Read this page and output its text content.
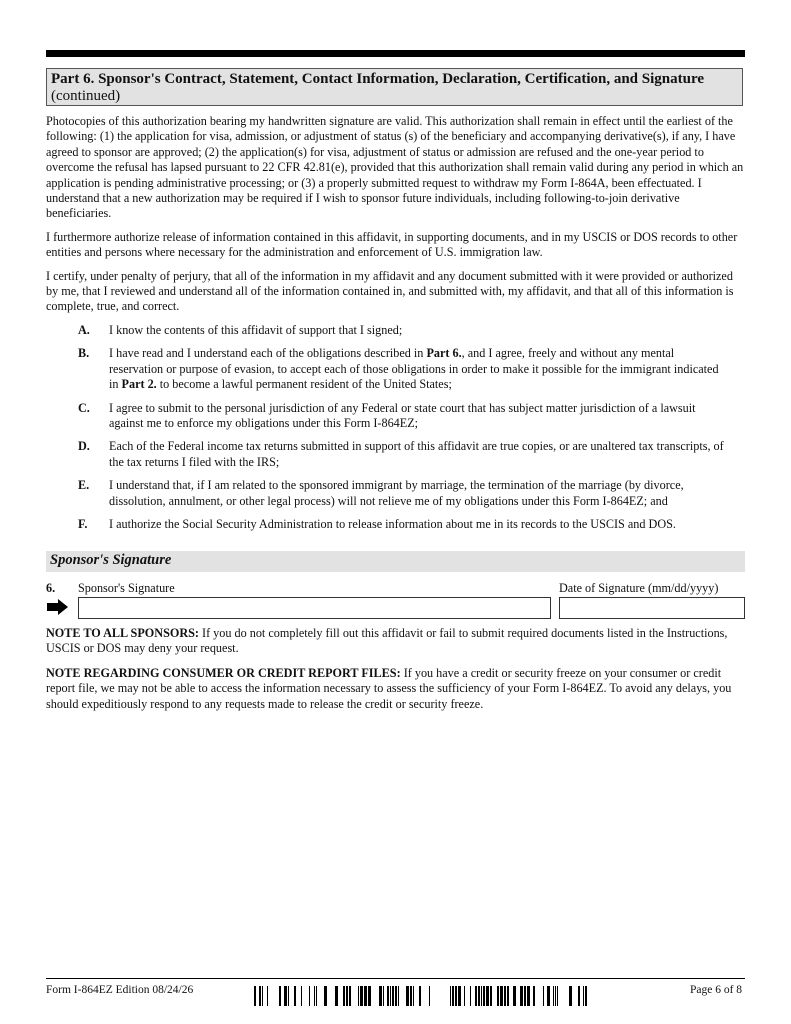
Part 6. Sponsor's Contract, Statement, Contact Information, Declaration, Certification, and Signature
(continued)

Photocopies of this authorization bearing my handwritten signature are valid. This authorization shall remain in effect until the earliest of the following: (1) the application for visa, admission, or adjustment of status (s) of the beneficiary and accompanying derivative(s), if any, I have agreed to sponsor are approved; (2) the application(s) for visa, adjustment of status or admission are refused and the one-year period to overcome the refusal has lapsed pursuant to 22 CFR 42.81(e), provided that this authorization shall remain valid during any period in which an application is pending administrative processing; or (3) a properly submitted request to withdraw my Form I-864A, been effectuated. I understand that a new authorization may be required if I wish to sponsor future individuals, including following-to-join derivative beneficiaries.

I furthermore authorize release of information contained in this affidavit, in supporting documents, and in my USCIS or DOS records to other entities and persons where necessary for the administration and enforcement of U.S. immigration law.

I certify, under penalty of perjury, that all of the information in my affidavit and any document submitted with it were provided or authorized by me, that I reviewed and understand all of the information contained in, and submitted with, my affidavit, and that all of this information is complete, true, and correct.

A.	I know the contents of this affidavit of support that I signed;
B.	I have read and I understand each of the obligations described in Part 6., and I agree, freely and without any mental reservation or purpose of evasion, to accept each of those obligations in order to make it possible for the immigrant indicated in Part 2. to become a lawful permanent resident of the United States;
C.	I agree to submit to the personal jurisdiction of any Federal or state court that has subject matter jurisdiction of a lawsuit against me to enforce my obligations under this Form I-864EZ;
D.	Each of the Federal income tax returns submitted in support of this affidavit are true copies, or are unaltered tax transcripts, of the tax returns I filed with the IRS;
E.	I understand that, if I am related to the sponsored immigrant by marriage, the termination of the marriage (by divorce, dissolution, annulment, or other legal process) will not relieve me of my obligations under this Form I-864EZ; and
F.	I authorize the Social Security Administration to release information about me in its records to the USCIS and DOS.
Sponsor's Signature
6. Sponsor's Signature	Date of Signature (mm/dd/yyyy)

NOTE TO ALL SPONSORS: If you do not completely fill out this affidavit or fail to submit required documents listed in the Instructions, USCIS or DOS may deny your request.

NOTE REGARDING CONSUMER OR CREDIT REPORT FILES: If you have a credit or security freeze on your consumer or credit report file, we may not be able to access the information necessary to assess the sufficiency of your Form I-864EZ. To avoid any delays, you should expeditiously respond to any requests made to release the credit or security freeze.

Form I-864EZ Edition 08/24/26	Page 6 of 8
